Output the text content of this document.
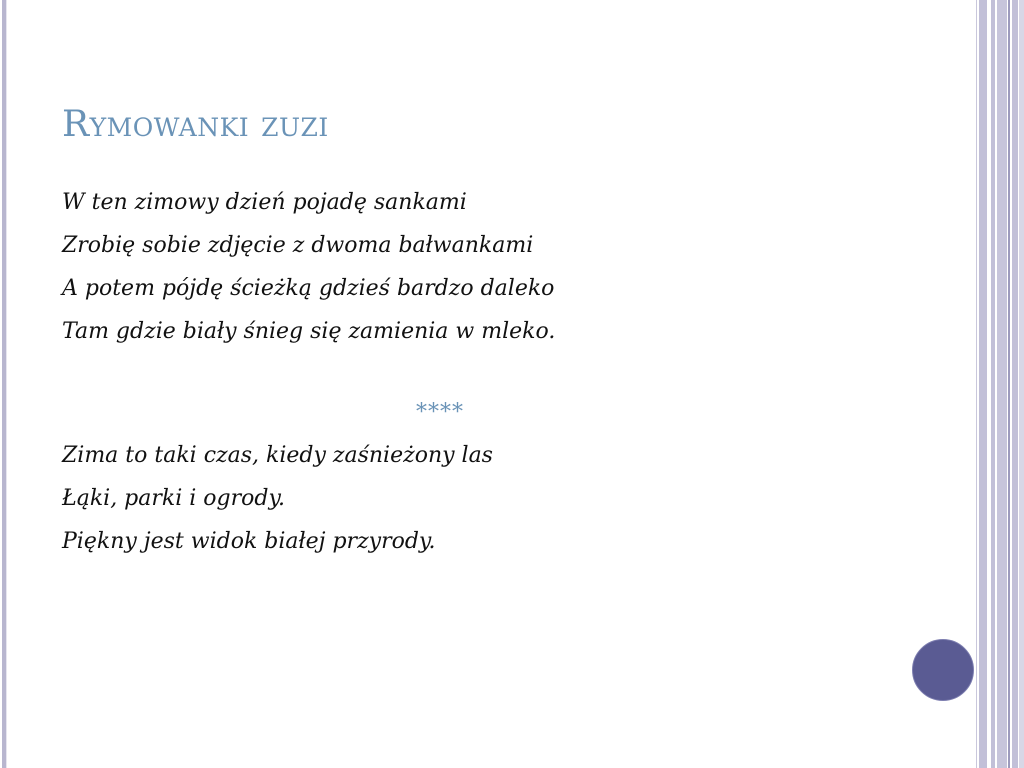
Rymowanki zuzi

W ten zimowy dzień pojadę sankami

Zrobię sobie zdjęcie z dwoma bałwankami

A potem pójdę ścieżką gdzieś bardzo daleko

Tam gdzie biały śnieg się zamienia w mleko.

****

Zima to taki czas, kiedy zaśnieżony las

Łąki, parki i ogrody.

Piękny jest widok białej przyrody.
